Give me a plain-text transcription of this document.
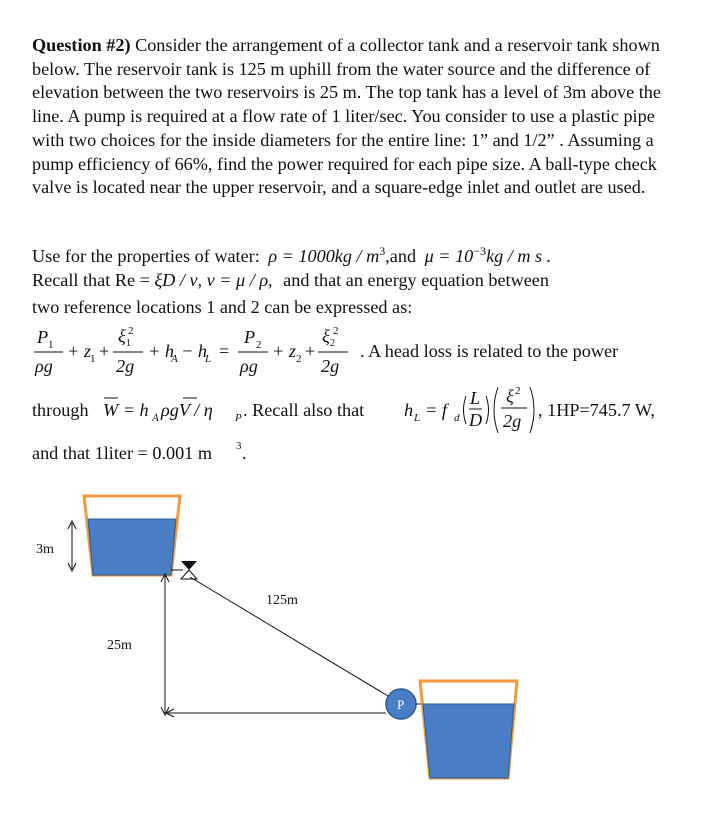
Question #2) Consider the arrangement of a collector tank and a reservoir tank shown below. The reservoir tank is 125 m uphill from the water source and the difference of elevation between the two reservoirs is 25 m. The top tank has a level of 3m above the line. A pump is required at a flow rate of 1 liter/sec. You consider to use a plastic pipe with two choices for the inside diameters for the entire line: 1” and 1/2” . Assuming a pump efficiency of 66%, find the power required for each pipe size. A ball-type check valve is located near the upper reservoir, and a square-edge inlet and outlet are used.
Use for the properties of water: $\rho = 1000kg / m^3,and$ $\mu = 10^{-3}kg / m$ s .
Recall that Re = ξD / ν, ν = μ / ρ, and that an energy equation between
two reference locations 1 and 2 can be expressed as:
P 1
ρg
+ z 1 +
ξ 1
2
2g
+ h
A − h
L =
P 2
ρg
+ z 2 +
ξ 2
2
2g
. A head loss is related to the power
through W = h A ρgV / η P . Recall also that h L = f d
L
D
ξ 2
2g
, 1HP=745.7 W,
and that 1liter = 0.001 m 3 .
3m
25m
125m
P
